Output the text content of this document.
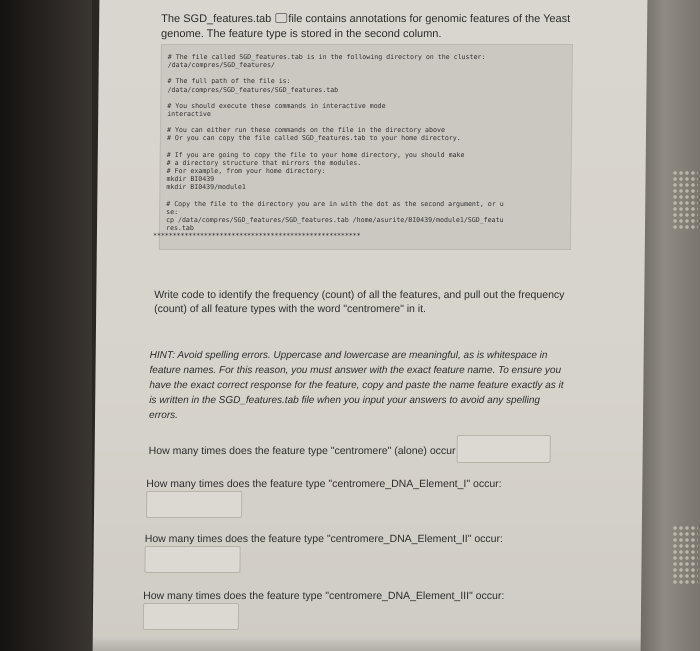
The SGD_features.tab file contains annotations for genomic features of the Yeast genome. The feature type is stored in the second column.
# The file called SGD_features.tab is in the following directory on the cluster:
/data/compres/SGD_features/
# The full path of the file is:
/data/compres/SGD_features/SGD_features.tab
# You should execute these commands in interactive mode
interactive
# You can either run these commands on the file in the directory above
# Or you can copy the file called SGD_features.tab to your home directory.
# If you are going to copy the file to your home directory, you should make
# a directory structure that mirrors the modules.
# For example, from your home directory:
mkdir BI0439
mkdir BI0439/module1
# Copy the file to the directory you are in with the dot as the second argument, or u
se:
cp /data/compres/SGD_features/SGD_features.tab /home/asurite/BI0439/module1/SGD_featu
res.tab
*****************************************************
Write code to identify the frequency (count) of all the features, and pull out the frequency (count) of all feature types with the word "centromere" in it.
HINT: Avoid spelling errors. Uppercase and lowercase are meaningful, as is whitespace in feature names. For this reason, you must answer with the exact feature name. To ensure you have the exact correct response for the feature, copy and paste the name feature exactly as it is written in the SGD_features.tab file when you input your answers to avoid any spelling errors.
How many times does the feature type "centromere" (alone) occur
How many times does the feature type "centromere_DNA_Element_I" occur:
How many times does the feature type "centromere_DNA_Element_II" occur:
How many times does the feature type "centromere_DNA_Element_III" occur:
